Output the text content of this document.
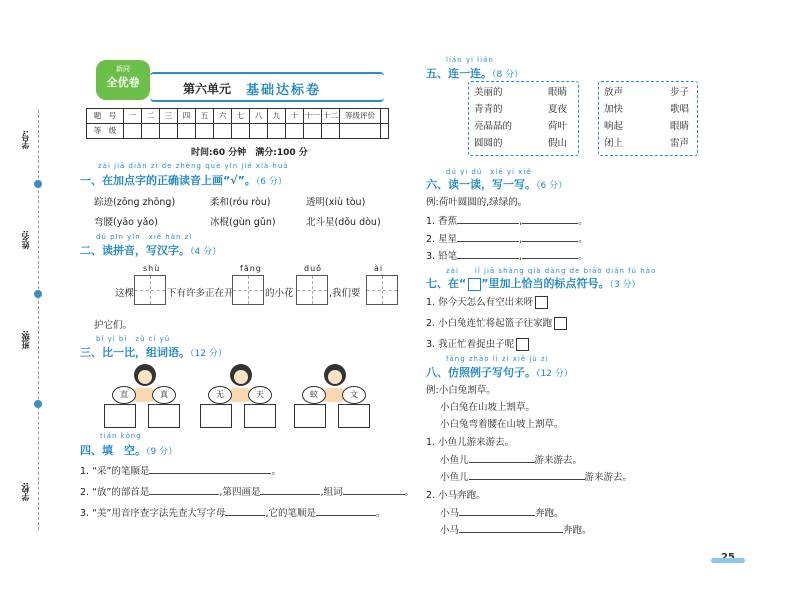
学号:
姓名:
班级:
学校:
新同
全优卷	第六单元 基础达标卷
题　号	一	二	三	四	五	六	七	八	九	十 十一 十二 等级评价
等　级
时间:60 分钟　满分:100 分
zài jiā diǎn zì de zhèng què yīn jié xià huà
一、在加点字的正确读音上画“√”。（6 分）
踪迹(zōng zhōng)	柔和(róu ròu)	透明(xiù tòu)
弯腰(yāo yǎo)	冰棍(gùn gǔn)	北斗星(dǒu dòu)
dú pīn yīn　xiě hàn zì
二、读拼音，写汉字。（4 分）
shù	fāng	duǒ	ài
这棵	下有许多正在开	的小花	,我们要
护它们。
bǐ yi bǐ　zǔ cí yǔ
三、比一比，组词语。（12 分）
直	真	无	天	蚊	文
tián kòng
四、填　空。（9 分）
1. “采”的笔顺是	。
2. “放”的部首是	,第四画是	,组词	。
3. “美”用音序查字法先查大写字母	,它的笔顺是	。
lián yi lián
五、连一连。（8 分）
美丽的	眼睛	放声	步子
青青的	夏夜	加快	歌唱
亮晶晶的	荷叶	响起	眼睛
圆圆的	假山	闭上	雷声
dú yi dú　xiě yi xiě
六、读一读，写一写。（6 分）
例:荷叶圆圆的,绿绿的。
1. 香蕉	,	。
2. 星星	,	。
3. 铅笔	,	。
zài　　lǐ jiā shàng qià dàng de biāo diǎn fú hào
七、在“ ”里加上恰当的标点符号。（3 分）
1. 你今天怎么有空出来呀
2. 小白兔连忙将起篮子往家跑
3. 我正忙着捉虫子呢
fǎng zhào lì zi xiě jù zi
八、仿照例子写句子。（12 分）
例:小白兔割草。
小白兔在山坡上割草。
小白兔弯着腰在山坡上割草。
1. 小鱼儿游来游去。
小鱼儿	游来游去。
小鱼儿	游来游去。
2. 小马奔跑。
小马	奔跑。
小马	奔跑。
